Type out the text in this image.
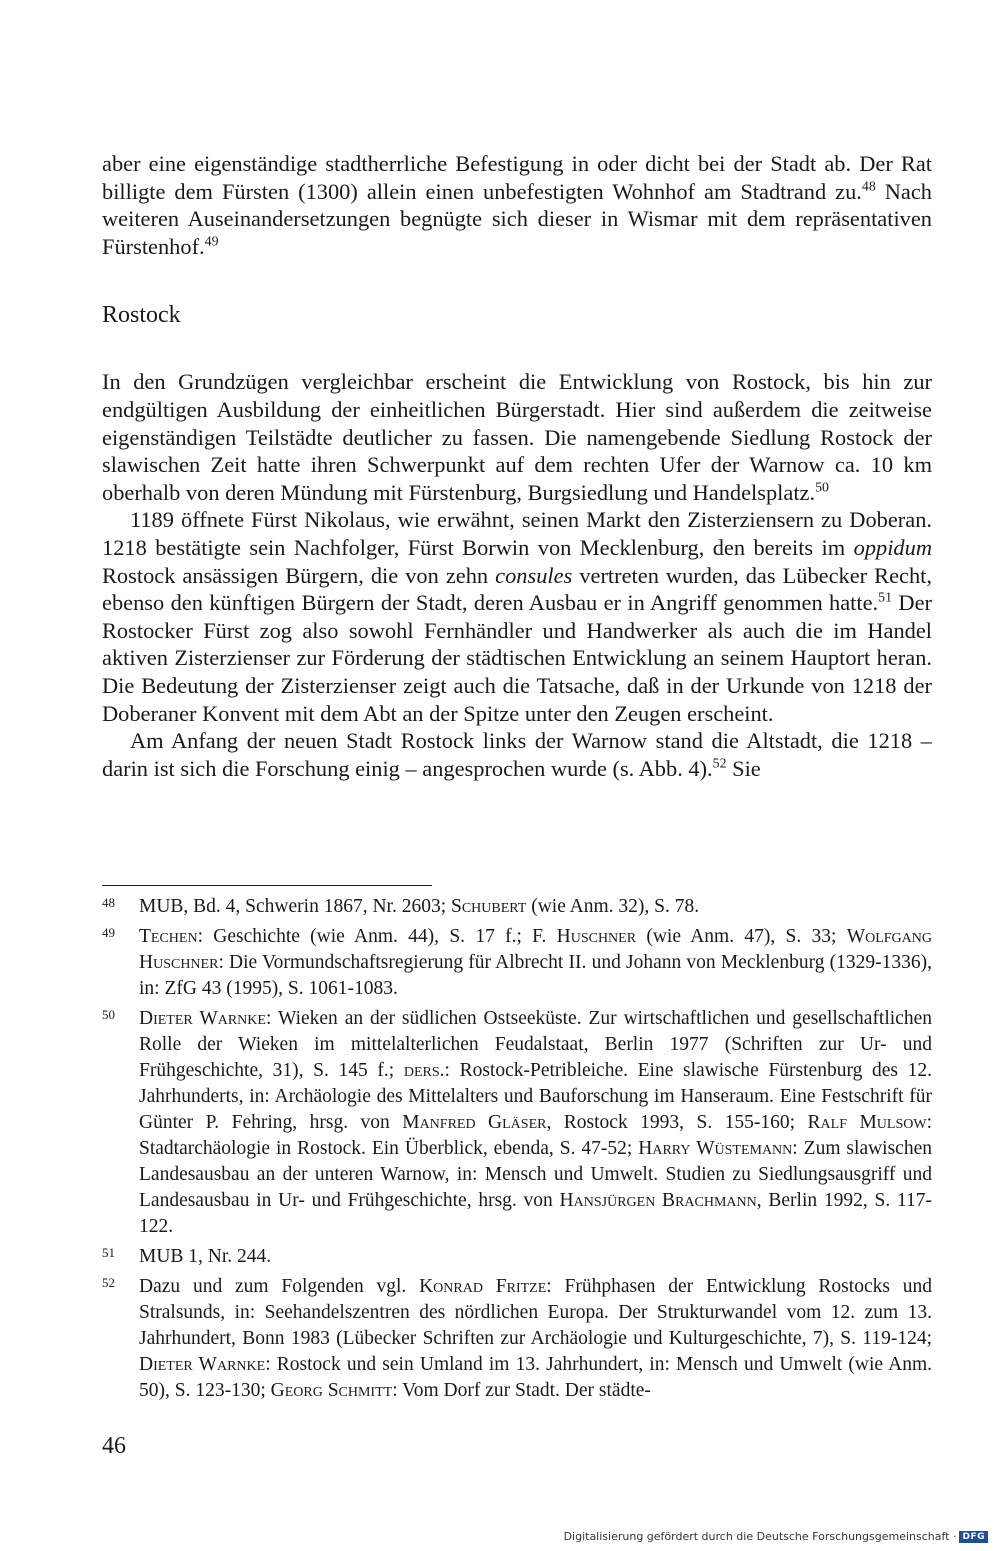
aber eine eigenständige stadtherrliche Befestigung in oder dicht bei der Stadt ab. Der Rat billigte dem Fürsten (1300) allein einen unbefestigten Wohnhof am Stadtrand zu.$^{48}$ Nach weiteren Auseinandersetzungen begnügte sich dieser in Wismar mit dem repräsentativen Fürstenhof.$^{49}$

Rostock

In den Grundzügen vergleichbar erscheint die Entwicklung von Rostock, bis hin zur endgültigen Ausbildung der einheitlichen Bürgerstadt. Hier sind außerdem die zeitweise eigenständigen Teilstädte deutlicher zu fassen. Die namengebende Siedlung Rostock der slawischen Zeit hatte ihren Schwerpunkt auf dem rechten Ufer der Warnow ca. 10 km oberhalb von deren Mündung mit Fürstenburg, Burgsiedlung und Handelsplatz.$^{50}$

1189 öffnete Fürst Nikolaus, wie erwähnt, seinen Markt den Zisterziensern zu Doberan. 1218 bestätigte sein Nachfolger, Fürst Borwin von Mecklenburg, den bereits im oppidum Rostock ansässigen Bürgern, die von zehn consules vertreten wurden, das Lübecker Recht, ebenso den künftigen Bürgern der Stadt, deren Ausbau er in Angriff genommen hatte.$^{51}$ Der Rostocker Fürst zog also sowohl Fernhändler und Handwerker als auch die im Handel aktiven Zisterzienser zur Förderung der städtischen Entwicklung an seinem Hauptort heran. Die Bedeutung der Zisterzienser zeigt auch die Tatsache, daß in der Urkunde von 1218 der Doberaner Konvent mit dem Abt an der Spitze unter den Zeugen erscheint.

Am Anfang der neuen Stadt Rostock links der Warnow stand die Altstadt, die 1218 – darin ist sich die Forschung einig – angesprochen wurde (s. Abb. 4).$^{52}$ Sie

48	MUB, Bd. 4, Schwerin 1867, Nr. 2603; Schubert (wie Anm. 32), S. 78.
49	Techen: Geschichte (wie Anm. 44), S. 17 f.; F. Huschner (wie Anm. 47), S. 33; Wolfgang Huschner: Die Vormundschaftsregierung für Albrecht II. und Johann von Mecklenburg (1329-1336), in: ZfG 43 (1995), S. 1061-1083.
50	Dieter Warnke: Wieken an der südlichen Ostseeküste. Zur wirtschaftlichen und gesellschaftlichen Rolle der Wieken im mittelalterlichen Feudalstaat, Berlin 1977 (Schriften zur Ur- und Frühgeschichte, 31), S. 145 f.; ders.: Rostock-Petribleiche. Eine slawische Fürstenburg des 12. Jahrhunderts, in: Archäologie des Mittelalters und Bauforschung im Hanseraum. Eine Festschrift für Günter P. Fehring, hrsg. von Manfred Gläser, Rostock 1993, S. 155-160; Ralf Mulsow: Stadtarchäologie in Rostock. Ein Überblick, ebenda, S. 47-52; Harry Wüstemann: Zum slawischen Landesausbau an der unteren Warnow, in: Mensch und Umwelt. Studien zu Siedlungsausgriff und Landesausbau in Ur- und Frühgeschichte, hrsg. von Hansjürgen Brachmann, Berlin 1992, S. 117-122.
51	MUB 1, Nr. 244.
52	Dazu und zum Folgenden vgl. Konrad Fritze: Frühphasen der Entwicklung Rostocks und Stralsunds, in: Seehandelszentren des nördlichen Europa. Der Strukturwandel vom 12. zum 13. Jahrhundert, Bonn 1983 (Lübecker Schriften zur Archäologie und Kulturgeschichte, 7), S. 119-124; Dieter Warnke: Rostock und sein Umland im 13. Jahrhundert, in: Mensch und Umwelt (wie Anm. 50), S. 123-130; Georg Schmitt: Vom Dorf zur Stadt. Der städte-
46
Digitalisierung gefördert durch die Deutsche Forschungsgemeinschaft · DFG
